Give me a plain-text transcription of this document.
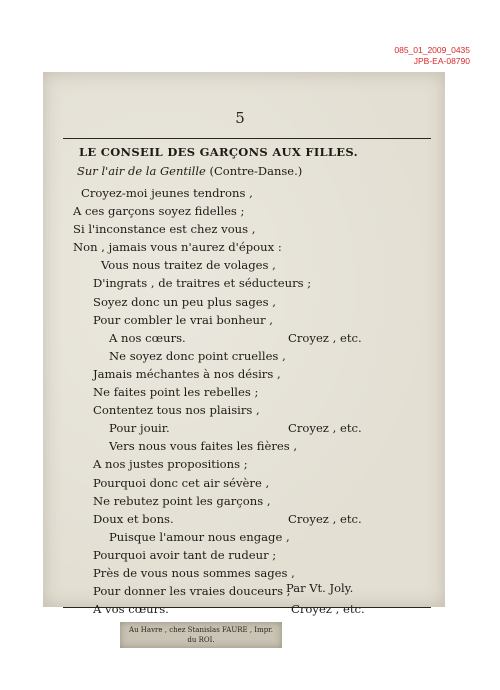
085_01_2009_0435
JPB-EA-08790
5
LE CONSEIL DES GARÇONS AUX FILLES.
Sur l'air de la Gentille (Contre-Danse.)
Croyez-moi jeunes tendrons ,
A ces garçons soyez fidelles ;
Si l'inconstance est chez vous ,
Non , jamais vous n'aurez d'époux :
Vous nous traitez de volages ,
D'ingrats , de traitres et séducteurs ;
Soyez donc un peu plus sages ,
Pour combler le vrai bonheur ,
A nos cœurs.	Croyez , etc.
Ne soyez donc point cruelles ,
Jamais méchantes à nos désirs ,
Ne faites point les rebelles ;
Contentez tous nos plaisirs ,
Pour jouir.	Croyez , etc.
Vers nous vous faites les fières ,
A nos justes propositions ;
Pourquoi donc cet air sévère ,
Ne rebutez point les garçons ,
Doux et bons.	Croyez , etc.
Puisque l'amour nous engage ,
Pourquoi avoir tant de rudeur ;
Près de vous nous sommes sages ,
Pour donner les vraies douceurs ,
A vos cœurs.	Croyez , etc.
Par Vt. Joly.
Au Havre , chez Stanislas FAURE , Impr.
du ROI.
